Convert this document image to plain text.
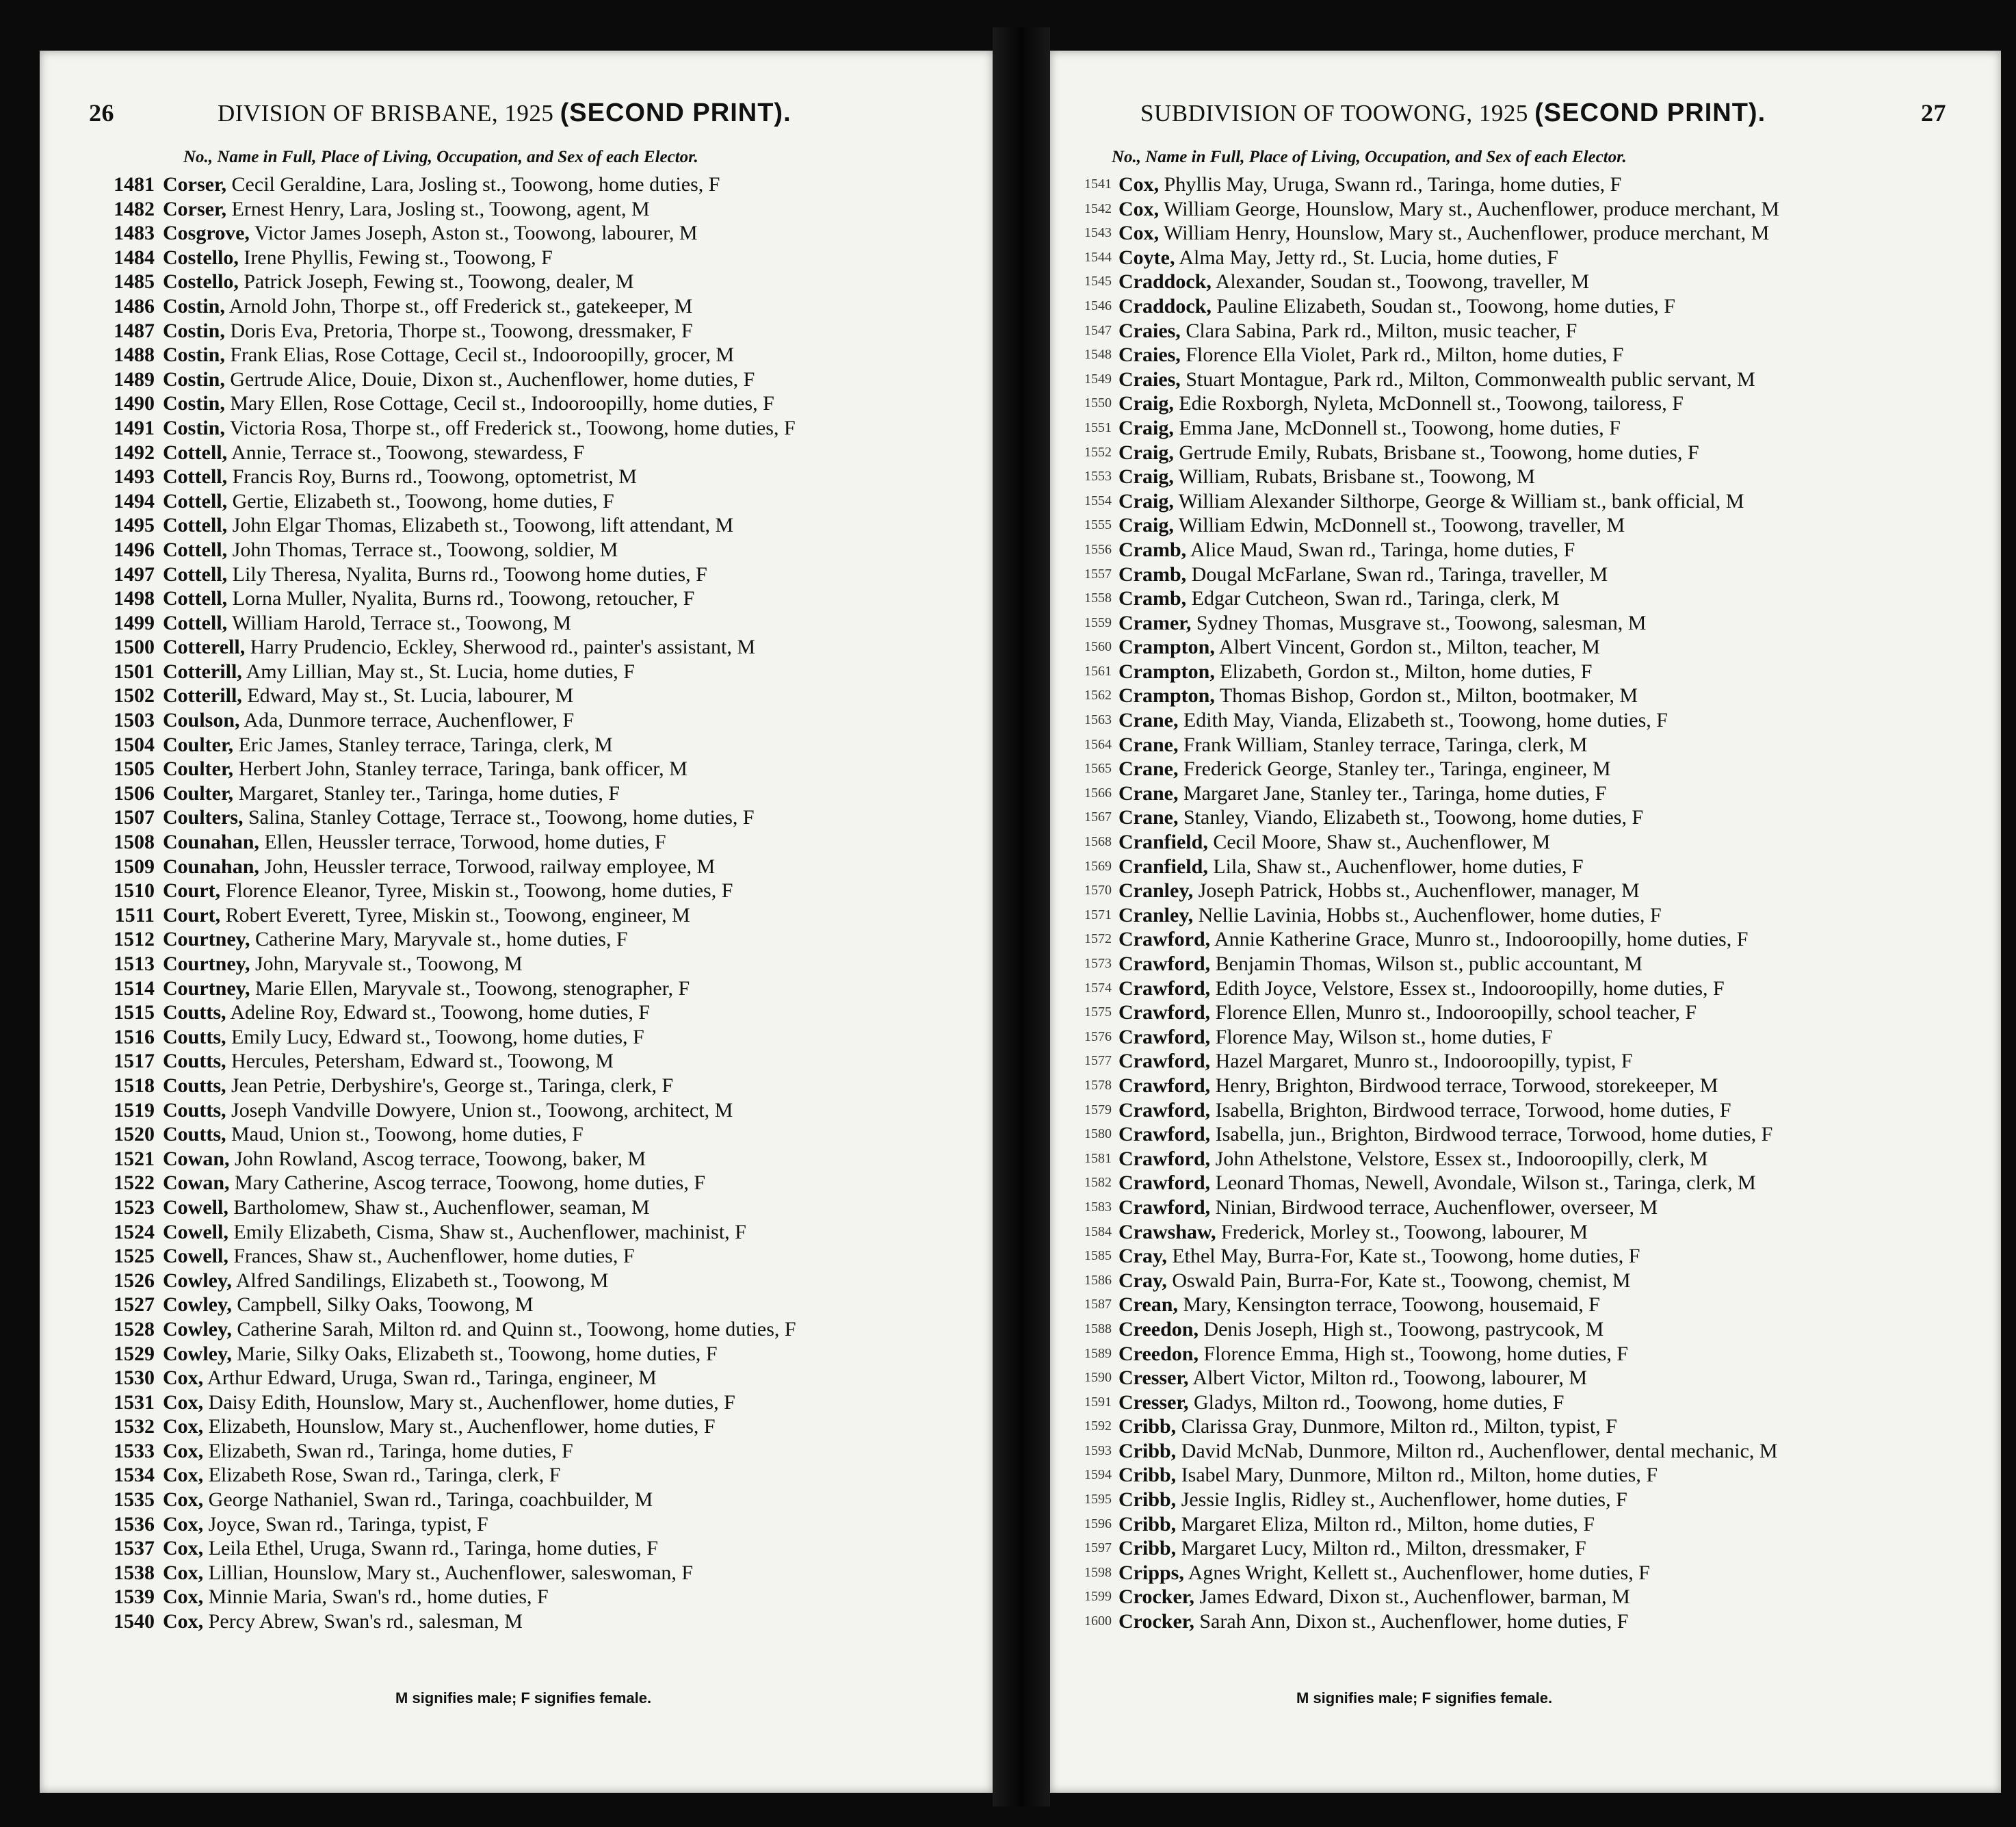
26	DIVISION OF BRISBANE, 1925 (SECOND PRINT).
No., Name in Full, Place of Living, Occupation, and Sex of each Elector.
1481 Corser, Cecil Geraldine, Lara, Josling st., Toowong, home duties, F
1482 Corser, Ernest Henry, Lara, Josling st., Toowong, agent, M
1483 Cosgrove, Victor James Joseph, Aston st., Toowong, labourer, M
1484 Costello, Irene Phyllis, Fewing st., Toowong, F
1485 Costello, Patrick Joseph, Fewing st., Toowong, dealer, M
1486 Costin, Arnold John, Thorpe st., off Frederick st., gatekeeper, M
1487 Costin, Doris Eva, Pretoria, Thorpe st., Toowong, dressmaker, F
1488 Costin, Frank Elias, Rose Cottage, Cecil st., Indooroopilly, grocer, M
1489 Costin, Gertrude Alice, Douie, Dixon st., Auchenflower, home duties, F
1490 Costin, Mary Ellen, Rose Cottage, Cecil st., Indooroopilly, home duties, F
1491 Costin, Victoria Rosa, Thorpe st., off Frederick st., Toowong, home duties, F
1492 Cottell, Annie, Terrace st., Toowong, stewardess, F
1493 Cottell, Francis Roy, Burns rd., Toowong, optometrist, M
1494 Cottell, Gertie, Elizabeth st., Toowong, home duties, F
1495 Cottell, John Elgar Thomas, Elizabeth st., Toowong, lift attendant, M
1496 Cottell, John Thomas, Terrace st., Toowong, soldier, M
1497 Cottell, Lily Theresa, Nyalita, Burns rd., Toowong home duties, F
1498 Cottell, Lorna Muller, Nyalita, Burns rd., Toowong, retoucher, F
1499 Cottell, William Harold, Terrace st., Toowong, M
1500 Cotterell, Harry Prudencio, Eckley, Sherwood rd., painter's assistant, M
1501 Cotterill, Amy Lillian, May st., St. Lucia, home duties, F
1502 Cotterill, Edward, May st., St. Lucia, labourer, M
1503 Coulson, Ada, Dunmore terrace, Auchenflower, F
1504 Coulter, Eric James, Stanley terrace, Taringa, clerk, M
1505 Coulter, Herbert John, Stanley terrace, Taringa, bank officer, M
1506 Coulter, Margaret, Stanley ter., Taringa, home duties, F
1507 Coulters, Salina, Stanley Cottage, Terrace st., Toowong, home duties, F
1508 Counahan, Ellen, Heussler terrace, Torwood, home duties, F
1509 Counahan, John, Heussler terrace, Torwood, railway employee, M
1510 Court, Florence Eleanor, Tyree, Miskin st., Toowong, home duties, F
1511 Court, Robert Everett, Tyree, Miskin st., Toowong, engineer, M
1512 Courtney, Catherine Mary, Maryvale st., home duties, F
1513 Courtney, John, Maryvale st., Toowong, M
1514 Courtney, Marie Ellen, Maryvale st., Toowong, stenographer, F
1515 Coutts, Adeline Roy, Edward st., Toowong, home duties, F
1516 Coutts, Emily Lucy, Edward st., Toowong, home duties, F
1517 Coutts, Hercules, Petersham, Edward st., Toowong, M
1518 Coutts, Jean Petrie, Derbyshire's, George st., Taringa, clerk, F
1519 Coutts, Joseph Vandville Dowyere, Union st., Toowong, architect, M
1520 Coutts, Maud, Union st., Toowong, home duties, F
1521 Cowan, John Rowland, Ascog terrace, Toowong, baker, M
1522 Cowan, Mary Catherine, Ascog terrace, Toowong, home duties, F
1523 Cowell, Bartholomew, Shaw st., Auchenflower, seaman, M
1524 Cowell, Emily Elizabeth, Cisma, Shaw st., Auchenflower, machinist, F
1525 Cowell, Frances, Shaw st., Auchenflower, home duties, F
1526 Cowley, Alfred Sandilings, Elizabeth st., Toowong, M
1527 Cowley, Campbell, Silky Oaks, Toowong, M
1528 Cowley, Catherine Sarah, Milton rd. and Quinn st., Toowong, home duties, F
1529 Cowley, Marie, Silky Oaks, Elizabeth st., Toowong, home duties, F
1530 Cox, Arthur Edward, Uruga, Swan rd., Taringa, engineer, M
1531 Cox, Daisy Edith, Hounslow, Mary st., Auchenflower, home duties, F
1532 Cox, Elizabeth, Hounslow, Mary st., Auchenflower, home duties, F
1533 Cox, Elizabeth, Swan rd., Taringa, home duties, F
1534 Cox, Elizabeth Rose, Swan rd., Taringa, clerk, F
1535 Cox, George Nathaniel, Swan rd., Taringa, coachbuilder, M
1536 Cox, Joyce, Swan rd., Taringa, typist, F
1537 Cox, Leila Ethel, Uruga, Swann rd., Taringa, home duties, F
1538 Cox, Lillian, Hounslow, Mary st., Auchenflower, saleswoman, F
1539 Cox, Minnie Maria, Swan's rd., home duties, F
1540 Cox, Percy Abrew, Swan's rd., salesman, M
M signifies male; F signifies female.
SUBDIVISION OF TOOWONG, 1925 (SECOND PRINT).	27
No., Name in Full, Place of Living, Occupation, and Sex of each Elector.
1541 Cox, Phyllis May, Uruga, Swann rd., Taringa, home duties, F
1542 Cox, William George, Hounslow, Mary st., Auchenflower, produce merchant, M
1543 Cox, William Henry, Hounslow, Mary st., Auchenflower, produce merchant, M
1544 Coyte, Alma May, Jetty rd., St. Lucia, home duties, F
1545 Craddock, Alexander, Soudan st., Toowong, traveller, M
1546 Craddock, Pauline Elizabeth, Soudan st., Toowong, home duties, F
1547 Craies, Clara Sabina, Park rd., Milton, music teacher, F
1548 Craies, Florence Ella Violet, Park rd., Milton, home duties, F
1549 Craies, Stuart Montague, Park rd., Milton, Commonwealth public servant, M
1550 Craig, Edie Roxborgh, Nyleta, McDonnell st., Toowong, tailoress, F
1551 Craig, Emma Jane, McDonnell st., Toowong, home duties, F
1552 Craig, Gertrude Emily, Rubats, Brisbane st., Toowong, home duties, F
1553 Craig, William, Rubats, Brisbane st., Toowong, M
1554 Craig, William Alexander Silthorpe, George & William st., bank official, M
1555 Craig, William Edwin, McDonnell st., Toowong, traveller, M
1556 Cramb, Alice Maud, Swan rd., Taringa, home duties, F
1557 Cramb, Dougal McFarlane, Swan rd., Taringa, traveller, M
1558 Cramb, Edgar Cutcheon, Swan rd., Taringa, clerk, M
1559 Cramer, Sydney Thomas, Musgrave st., Toowong, salesman, M
1560 Crampton, Albert Vincent, Gordon st., Milton, teacher, M
1561 Crampton, Elizabeth, Gordon st., Milton, home duties, F
1562 Crampton, Thomas Bishop, Gordon st., Milton, bootmaker, M
1563 Crane, Edith May, Vianda, Elizabeth st., Toowong, home duties, F
1564 Crane, Frank William, Stanley terrace, Taringa, clerk, M
1565 Crane, Frederick George, Stanley ter., Taringa, engineer, M
1566 Crane, Margaret Jane, Stanley ter., Taringa, home duties, F
1567 Crane, Stanley, Viando, Elizabeth st., Toowong, home duties, F
1568 Cranfield, Cecil Moore, Shaw st., Auchenflower, M
1569 Cranfield, Lila, Shaw st., Auchenflower, home duties, F
1570 Cranley, Joseph Patrick, Hobbs st., Auchenflower, manager, M
1571 Cranley, Nellie Lavinia, Hobbs st., Auchenflower, home duties, F
1572 Crawford, Annie Katherine Grace, Munro st., Indooroopilly, home duties, F
1573 Crawford, Benjamin Thomas, Wilson st., public accountant, M
1574 Crawford, Edith Joyce, Velstore, Essex st., Indooroopilly, home duties, F
1575 Crawford, Florence Ellen, Munro st., Indooroopilly, school teacher, F
1576 Crawford, Florence May, Wilson st., home duties, F
1577 Crawford, Hazel Margaret, Munro st., Indooroopilly, typist, F
1578 Crawford, Henry, Brighton, Birdwood terrace, Torwood, storekeeper, M
1579 Crawford, Isabella, Brighton, Birdwood terrace, Torwood, home duties, F
1580 Crawford, Isabella, jun., Brighton, Birdwood terrace, Torwood, home duties, F
1581 Crawford, John Athelstone, Velstore, Essex st., Indooroopilly, clerk, M
1582 Crawford, Leonard Thomas, Newell, Avondale, Wilson st., Taringa, clerk, M
1583 Crawford, Ninian, Birdwood terrace, Auchenflower, overseer, M
1584 Crawshaw, Frederick, Morley st., Toowong, labourer, M
1585 Cray, Ethel May, Burra-For, Kate st., Toowong, home duties, F
1586 Cray, Oswald Pain, Burra-For, Kate st., Toowong, chemist, M
1587 Crean, Mary, Kensington terrace, Toowong, housemaid, F
1588 Creedon, Denis Joseph, High st., Toowong, pastrycook, M
1589 Creedon, Florence Emma, High st., Toowong, home duties, F
1590 Cresser, Albert Victor, Milton rd., Toowong, labourer, M
1591 Cresser, Gladys, Milton rd., Toowong, home duties, F
1592 Cribb, Clarissa Gray, Dunmore, Milton rd., Milton, typist, F
1593 Cribb, David McNab, Dunmore, Milton rd., Auchenflower, dental mechanic, M
1594 Cribb, Isabel Mary, Dunmore, Milton rd., Milton, home duties, F
1595 Cribb, Jessie Inglis, Ridley st., Auchenflower, home duties, F
1596 Cribb, Margaret Eliza, Milton rd., Milton, home duties, F
1597 Cribb, Margaret Lucy, Milton rd., Milton, dressmaker, F
1598 Cripps, Agnes Wright, Kellett st., Auchenflower, home duties, F
1599 Crocker, James Edward, Dixon st., Auchenflower, barman, M
1600 Crocker, Sarah Ann, Dixon st., Auchenflower, home duties, F
M signifies male; F signifies female.
